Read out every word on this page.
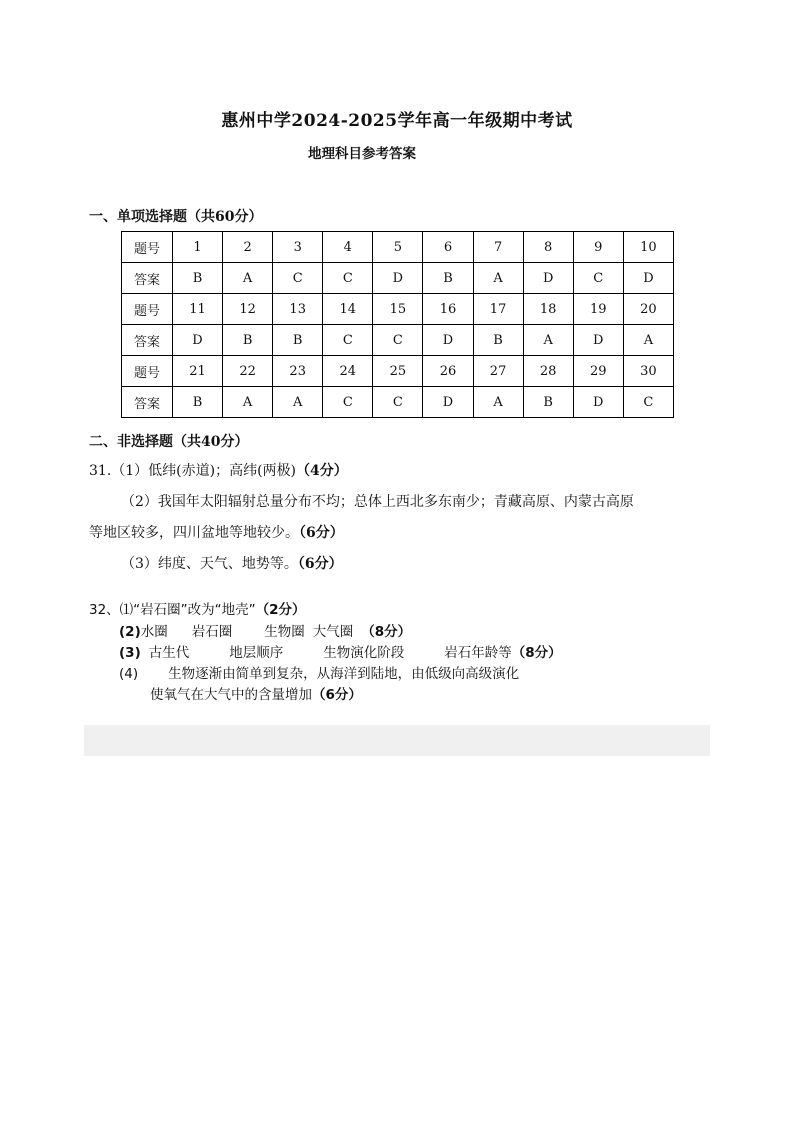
惠州中学2024-2025学年高一年级期中考试
地理科目参考答案
一、单项选择题（共60分）
题号	1	2	3	4	5	6	7	8	9	10
答案	B	A	C	C	D	B	A	D	C	D
题号	11	12	13	14	15	16	17	18	19	20
答案	D	B	B	C	C	D	B	A	D	A
题号	21	22	23	24	25	26	27	28	29	30
答案	B	A	A	C	C	D	A	B	D	C
二、非选择题（共40分）
31.（1）低纬(赤道)；高纬(两极)（4分）
（2）我国年太阳辐射总量分布不均；总体上西北多东南少；青藏高原、内蒙古高原
等地区较多，四川盆地等地较少。（6分）
（3）纬度、天气、地势等。（6分）
32、⑴“岩石圈”改为“地壳”（2分）
(2)水圈 岩石圈 生物圈 大气圈 （8分）
(3) 古生代	地层顺序	生物演化阶段	岩石年龄等（8分）
(4) 生物逐渐由简单到复杂，从海洋到陆地，由低级向高级演化
使氧气在大气中的含量增加（6分）
